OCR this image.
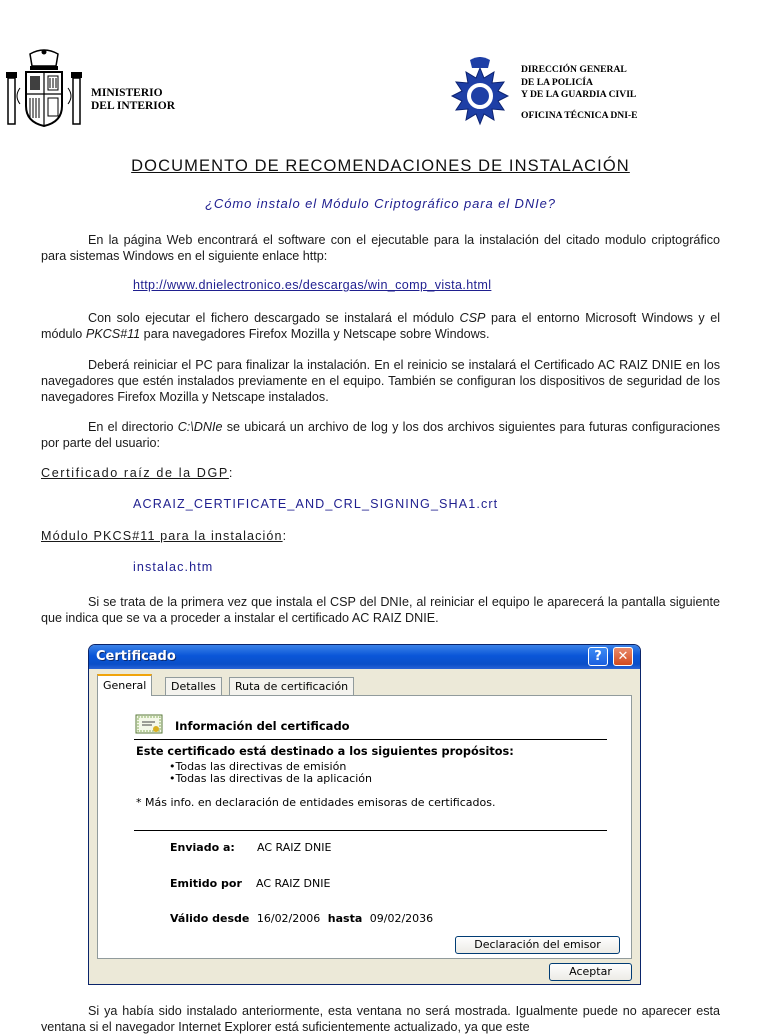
MINISTERIO
DEL INTERIOR
DIRECCIÓN GENERAL
DE LA POLICÍA
Y DE LA GUARDIA CIVIL
OFICINA TÉCNICA DNI-E
DOCUMENTO DE RECOMENDACIONES DE INSTALACIÓN
¿Cómo instalo el Módulo Criptográfico para el DNIe?
En la página Web encontrará el software con el ejecutable para la instalación del citado modulo criptográfico para sistemas Windows en el siguiente enlace http:
http://www.dnielectronico.es/descargas/win_comp_vista.html
Con solo ejecutar el fichero descargado se instalará el módulo CSP para el entorno Microsoft Windows y el módulo PKCS#11 para navegadores Firefox Mozilla y Netscape sobre Windows.
Deberá reiniciar el PC para finalizar la instalación. En el reinicio se instalará el Certificado AC RAIZ DNIE en los navegadores que estén instalados previamente en el equipo. También se configuran los dispositivos de seguridad de los navegadores Firefox Mozilla y Netscape instalados.
En el directorio C:\DNIe se ubicará un archivo de log y los dos archivos siguientes para futuras configuraciones por parte del usuario:
Certificado raíz de la DGP:
ACRAIZ_CERTIFICATE_AND_CRL_SIGNING_SHA1.crt
Módulo PKCS#11 para la instalación:
instalac.htm
Si se trata de la primera vez que instala el CSP del DNIe, al reiniciar el equipo le aparecerá la pantalla siguiente que indica que se va a proceder a instalar el certificado AC RAIZ DNIE.
Certificado	?	✕
General	Detalles	Ruta de certificación
Información del certificado
Este certificado está destinado a los siguientes propósitos:
•Todas las directivas de emisión
•Todas las directivas de la aplicación
* Más info. en declaración de entidades emisoras de certificados.
Enviado a: AC RAIZ DNIE
Emitido por AC RAIZ DNIE
Válido desde 16/02/2006 hasta 09/02/2036
Declaración del emisor
Aceptar
Si ya había sido instalado anteriormente, esta ventana no será mostrada. Igualmente puede no aparecer esta ventana si el navegador Internet Explorer está suficientemente actualizado, ya que este
